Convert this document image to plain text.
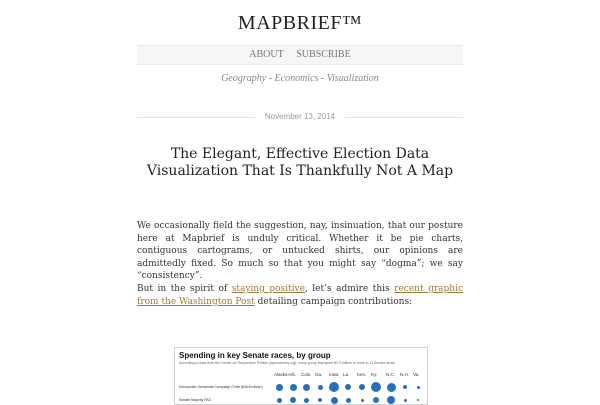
MAPBRIEF™
ABOUT SUBSCRIBE
Geography - Economics - Visualization
November 13, 2014
The Elegant, Effective Election Data Visualization That Is Thankfully Not A Map
We occasionally field the suggestion, nay, insinuation, that our posture here at Mapbrief is unduly critical. Whether it be pie charts, contiguous cartograms, or untucked shirts, our opinions are admittedly fixed. So much so that you might say “dogma”; we say “consistency”.
But in the spirit of staying positive, let’s admire this recent graphic from the Washington Post detailing campaign contributions:
Spending in key Senate races, by group
According to data from the Center for Responsive Politics (opensecrets.org); every group that spent $2.5 million or more in 11 Senate races.
Alaska Ark. Colo. Ga. Iowa La. Ken. Ky. N.C. N.H. Va.
Democratic Senatorial Campaign Cmte ($46.8 million)
Senate Majority PAC
